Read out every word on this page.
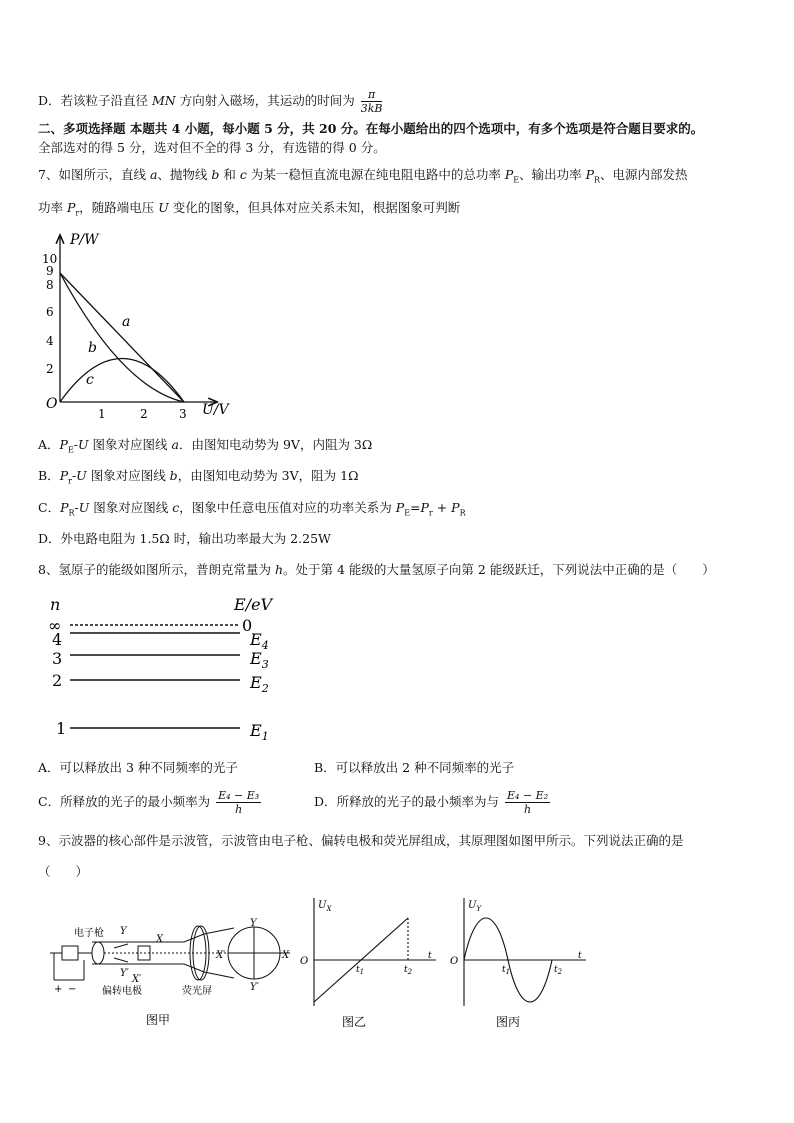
D．若该粒子沿直径 MN 方向射入磁场，其运动的时间为 $\frac{\pi}{3kB}$
二、多项选择题 本题共 4 小题，每小题 5 分，共 20 分。在每小题给出的四个选项中，有多个选项是符合题目要求的。
全部选对的得 5 分，选对但不全的得 3 分，有选错的得 0 分。
7、如图所示，直线 a、抛物线 b 和 c 为某一稳恒直流电源在纯电阻电路中的总功率 $P_E$、输出功率 $P_R$、电源内部发热
功率 $P_r$，随路端电压 U 变化的图象，但具体对应关系未知，根据图象可判断
P/W
U/V
O
10
9
8
6
4
2
1	2	3
a
b
c
A．$P_E-U$ 图象对应图线 a．由图知电动势为 9V，内阻为 3Ω
B．$P_r-U$ 图象对应图线 b，由图知电动势为 3V，阻为 1Ω
C．$P_R-U$ 图象对应图线 c，图象中任意电压值对应的功率关系为 $P_E=P_r + P_R$
D．外电路电阻为 1.5Ω 时，输出功率最大为 2.25W
8、氢原子的能级如图所示，普朗克常量为 h。处于第 4 能级的大量氢原子向第 2 能级跃迁，下列说法中正确的是（　　）
n	E/eV
∞	0
4	$E_4$
3	$E_3$
2	$E_2$
1	$E_1$
A．可以释放出 3 种不同频率的光子	B．可以释放出 2 种不同频率的光子
C．所释放的光子的最小频率为 $\frac{\text{E₄ − E₃}}{h}$	D．所释放的光子的最小频率为与 $\frac{\text{E₄ − E₂}}{h}$
9、示波器的核心部件是示波管，示波管由电子枪、偏转电极和荧光屏组成，其原理图如图甲所示。下列说法正确的是
（　　）
电子枪 Y
X
Y′
X′
偏转电极	荧光屏
+ −
Y
Y′
X
X′
图甲
$U_X$
O
$t_1$	$t_2$
t
图乙
$U_Y$
O
$t_1$	$t_2$
t
图丙
